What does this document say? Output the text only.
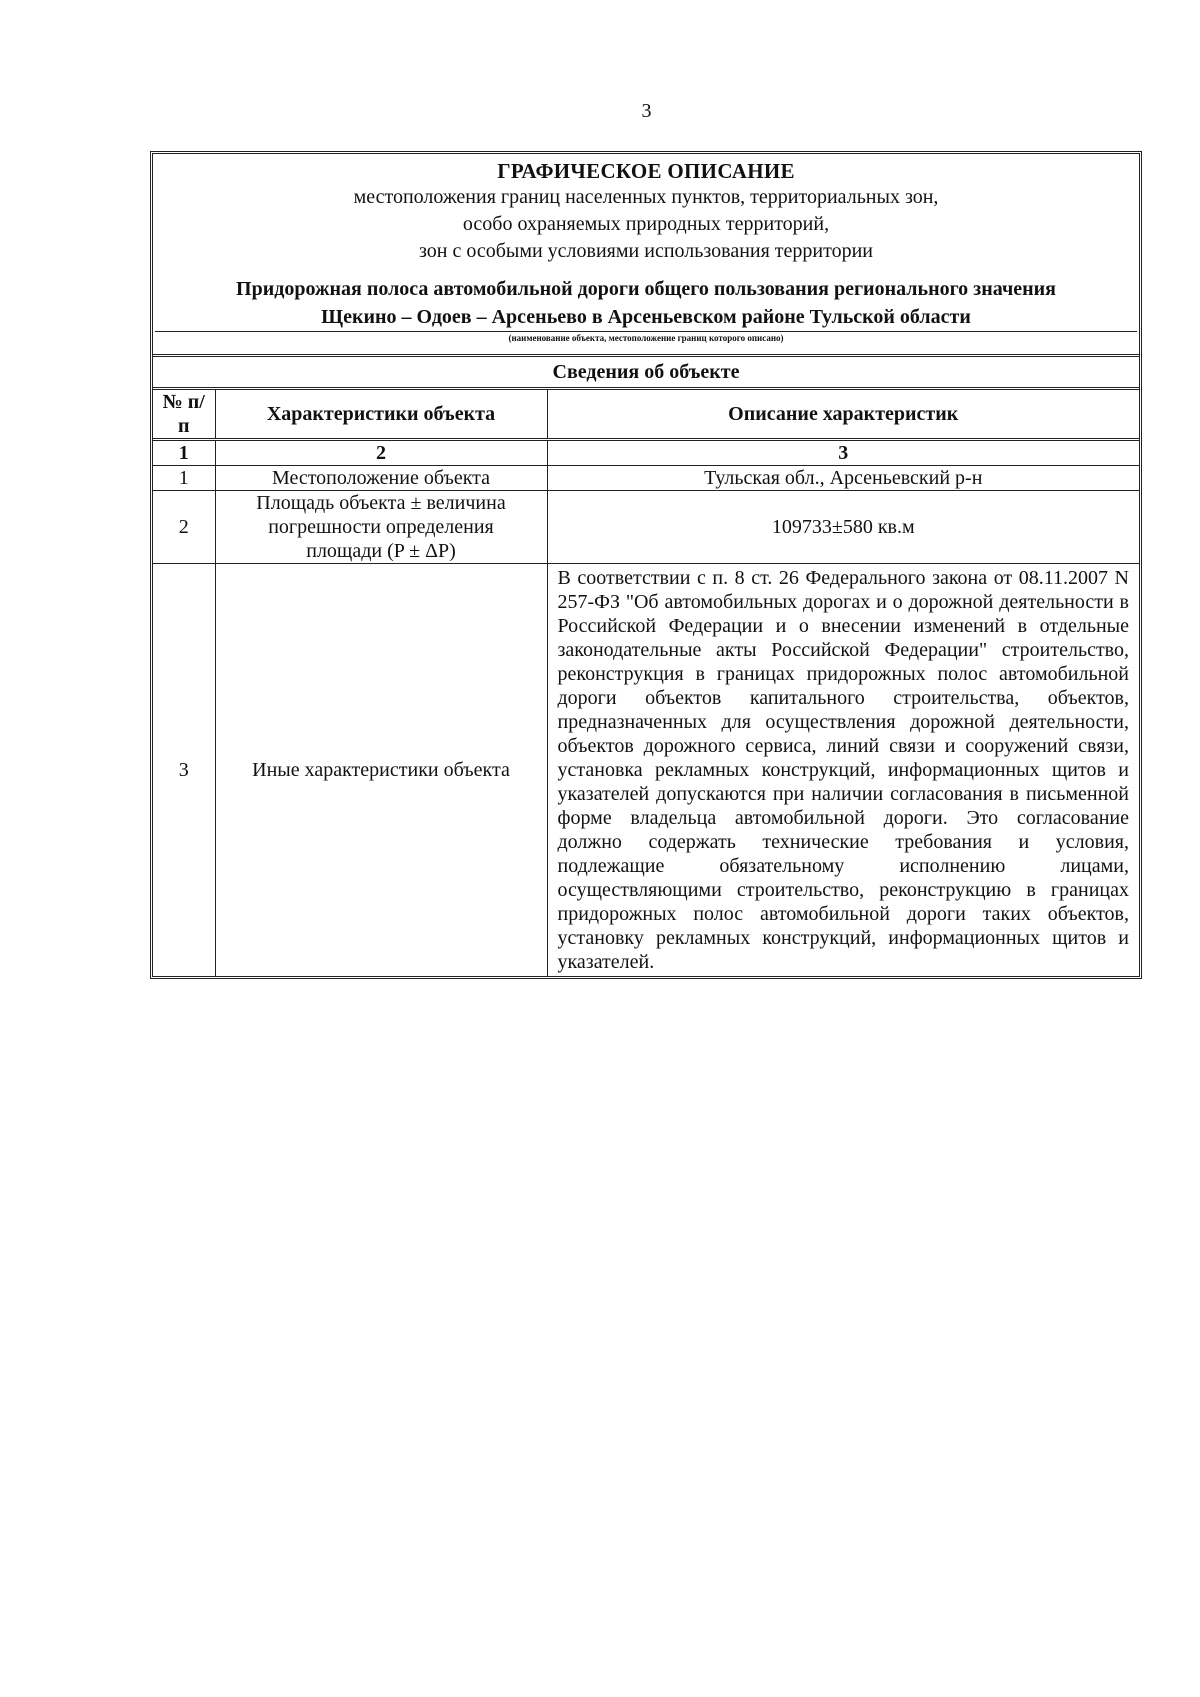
3
ГРАФИЧЕСКОЕ ОПИСАНИЕ
местоположения границ населенных пунктов, территориальных зон,
особо охраняемых природных территорий,
зон с особыми условиями использования территории
Придорожная полоса автомобильной дороги общего пользования регионального значения
Щекино – Одоев – Арсеньево в Арсеньевском районе Тульской области
(наименование объекта, местоположение границ которого описано)
Сведения об объекте
№ п/п	Характеристики объекта	Описание характеристик
1	2	3
1	Местоположение объекта	Тульская обл., Арсеньевский р-н
2	Площадь объекта ± величина погрешности определения площади (P ± ΔP)	109733±580 кв.м
3	Иные характеристики объекта	В соответствии с п. 8 ст. 26 Федерального закона от 08.11.2007 N 257-ФЗ "Об автомобильных дорогах и о дорожной деятельности в Российской Федерации и о внесении изменений в отдельные законодательные акты Российской Федерации" строительство, реконструкция в границах придорожных полос автомобильной дороги объектов капитального строительства, объектов, предназначенных для осуществления дорожной деятельности, объектов дорожного сервиса, линий связи и сооружений связи, установка рекламных конструкций, информационных щитов и указателей допускаются при наличии согласования в письменной форме владельца автомобильной дороги. Это согласование должно содержать технические требования и условия, подлежащие обязательному исполнению лицами, осуществляющими строительство, реконструкцию в границах придорожных полос автомобильной дороги таких объектов, установку рекламных конструкций, информационных щитов и указателей.
